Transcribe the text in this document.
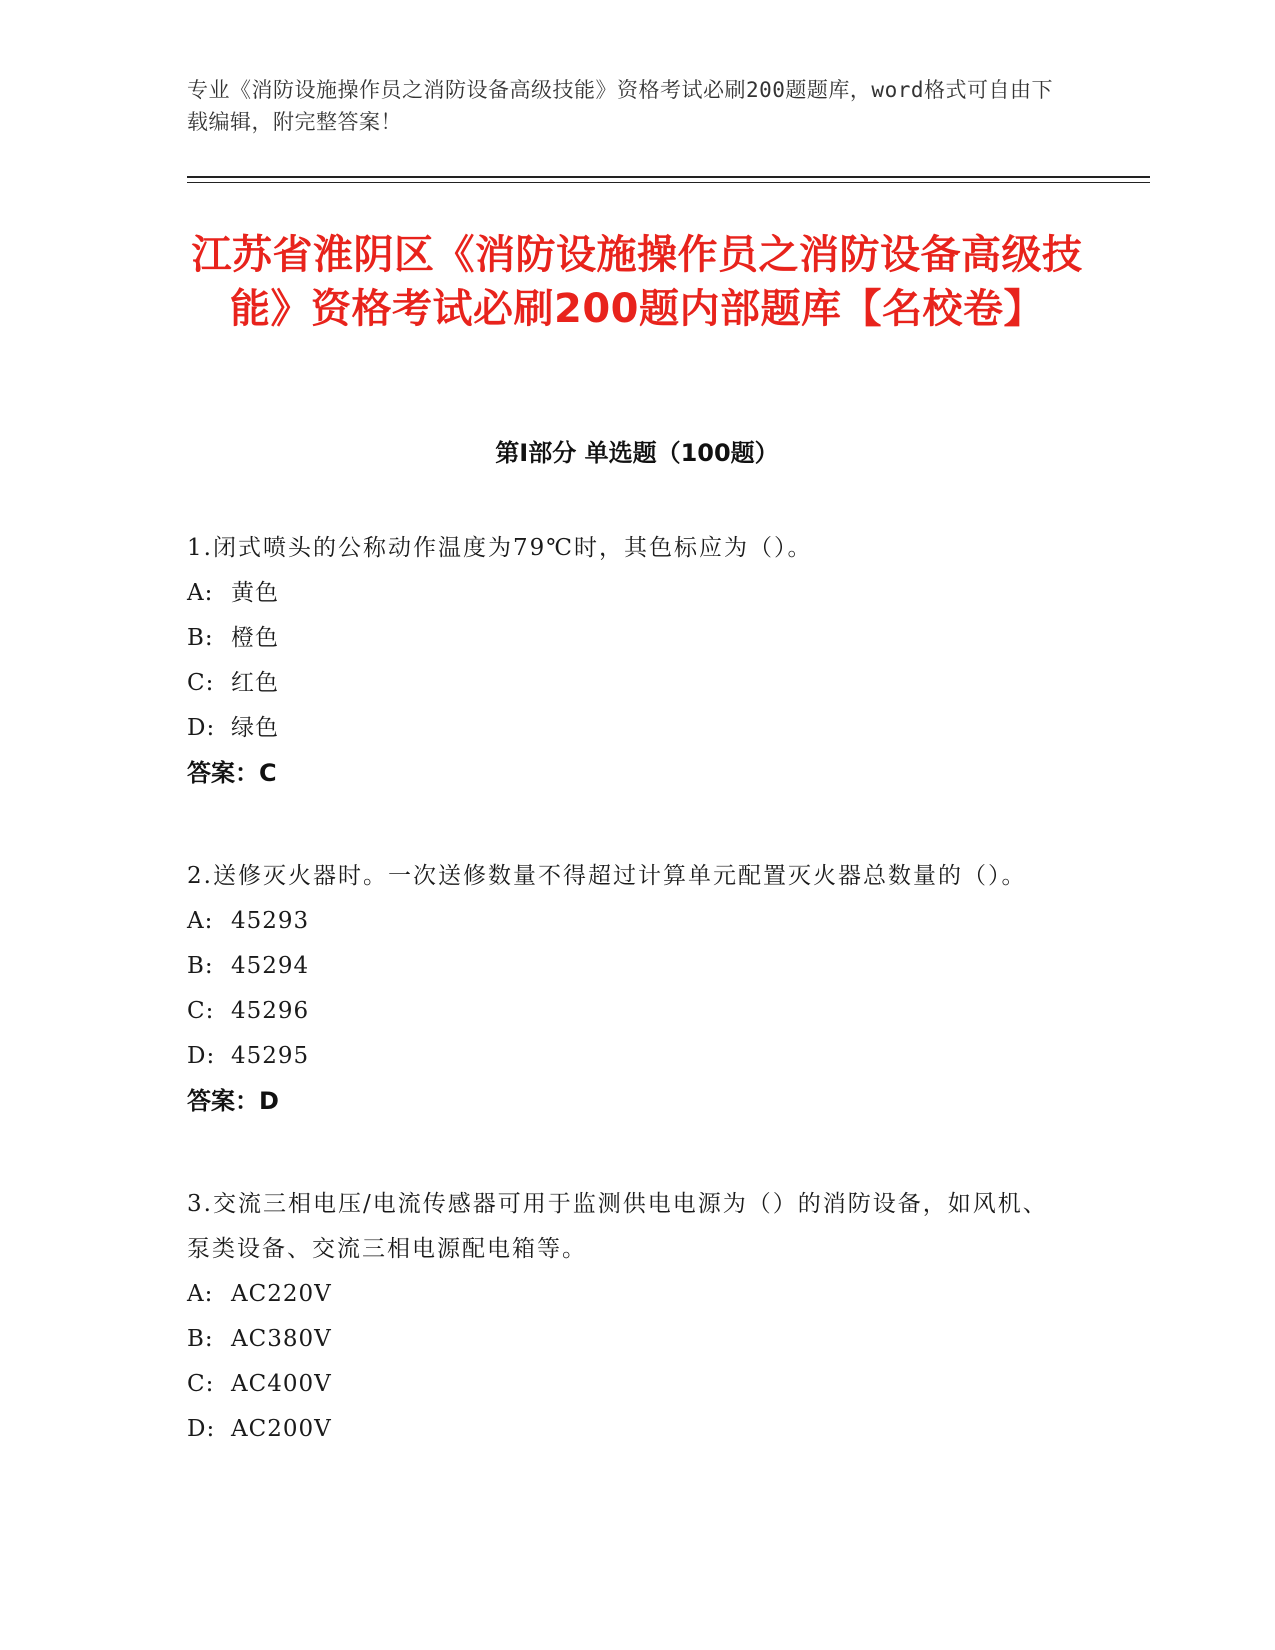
专业《消防设施操作员之消防设备高级技能》资格考试必刷200题题库，word格式可自由下载编辑，附完整答案！
江苏省淮阴区《消防设施操作员之消防设备高级技能》资格考试必刷200题内部题库【名校卷】
第I部分 单选题（100题）
1.闭式喷头的公称动作温度为79℃时，其色标应为（）。
A: 黄色
B: 橙色
C: 红色
D: 绿色
答案：C
2.送修灭火器时。一次送修数量不得超过计算单元配置灭火器总数量的（）。
A: 45293
B: 45294
C: 45296
D: 45295
答案：D
3.交流三相电压/电流传感器可用于监测供电电源为（）的消防设备，如风机、泵类设备、交流三相电源配电箱等。
A: AC220V
B: AC380V
C: AC400V
D: AC200V
